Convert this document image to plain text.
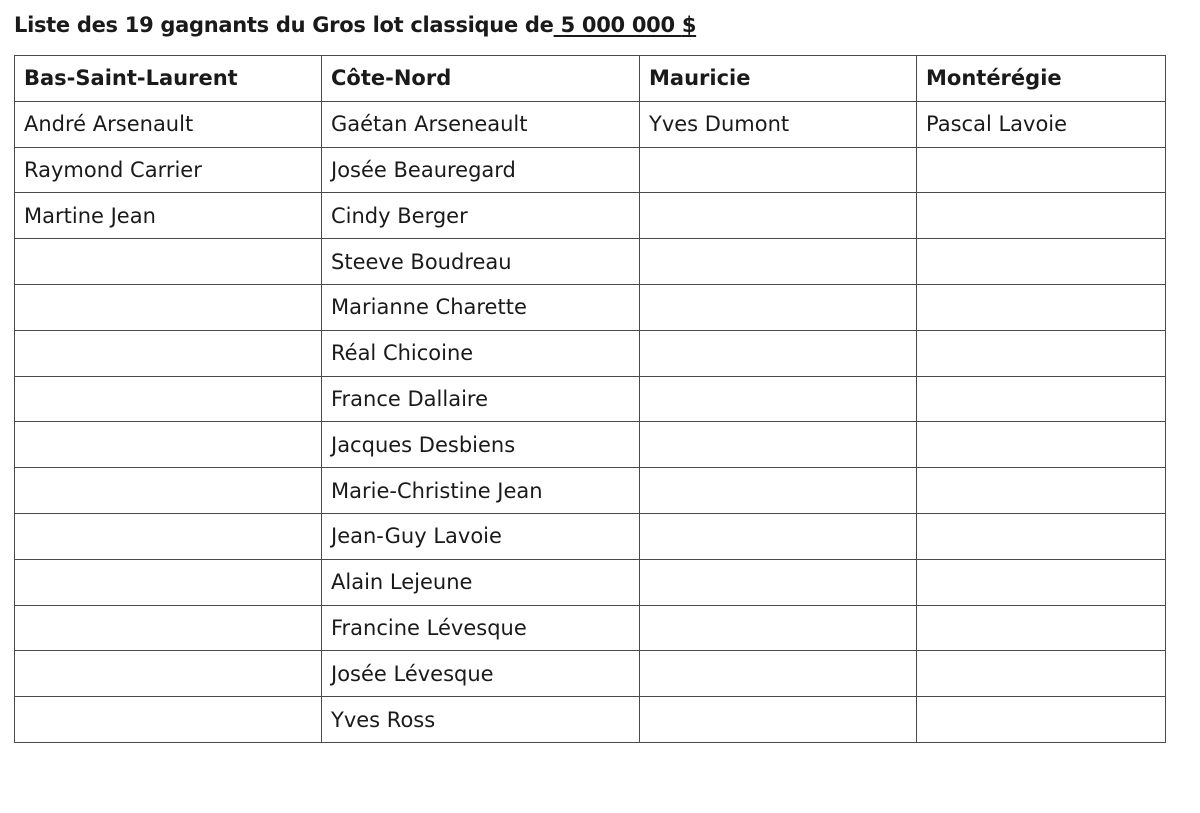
Liste des 19 gagnants du Gros lot classique de 5 000 000 $
Bas-Saint-Laurent	Côte-Nord	Mauricie	Montérégie
André Arsenault	Gaétan Arseneault	Yves Dumont	Pascal Lavoie
Raymond Carrier	Josée Beauregard		
Martine Jean	Cindy Berger		
	Steeve Boudreau		
	Marianne Charette		
	Réal Chicoine		
	France Dallaire		
	Jacques Desbiens		
	Marie-Christine Jean		
	Jean-Guy Lavoie		
	Alain Lejeune		
	Francine Lévesque		
	Josée Lévesque		
	Yves Ross		
